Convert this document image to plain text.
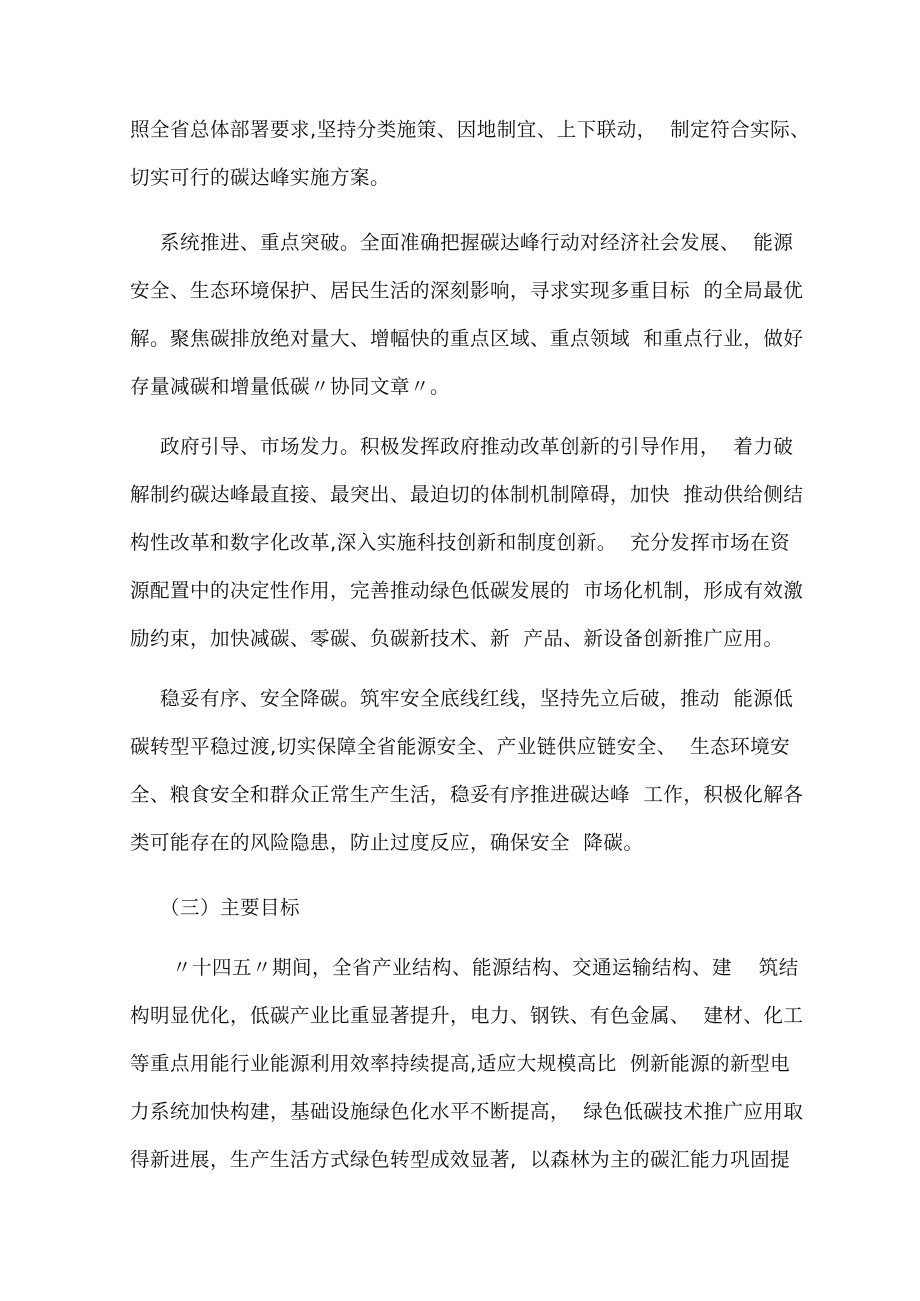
照全省总体部署要求,坚持分类施策、因地制宜、上下联动，  制定符合实际、
切实可行的碳达峰实施方案。
系统推进、重点突破。全面准确把握碳达峰行动对经济社会发展、  能源
安全、生态环境保护、居民生活的深刻影响，寻求实现多重目标  的全局最优
解。聚焦碳排放绝对量大、增幅快的重点区域、重点领域  和重点行业，做好
存量减碳和增量低碳〃协同文章〃。
政府引导、市场发力。积极发挥政府推动改革创新的引导作用，  着力破
解制约碳达峰最直接、最突出、最迫切的体制机制障碍，加快  推动供给侧结
构性改革和数字化改革,深入实施科技创新和制度创新。  充分发挥市场在资
源配置中的决定性作用，完善推动绿色低碳发展的  市场化机制，形成有效激
励约束，加快减碳、零碳、负碳新技术、新  产品、新设备创新推广应用。
稳妥有序、安全降碳。筑牢安全底线红线，坚持先立后破，推动  能源低
碳转型平稳过渡,切实保障全省能源安全、产业链供应链安全、  生态环境安
全、粮食安全和群众正常生产生活，稳妥有序推进碳达峰  工作，积极化解各
类可能存在的风险隐患，防止过度反应，确保安全  降碳。
（三）主要目标
〃十四五〃期间，全省产业结构、能源结构、交通运输结构、建    筑结
构明显优化，低碳产业比重显著提升，电力、钢铁、有色金属、  建材、化工
等重点用能行业能源利用效率持续提高,适应大规模高比  例新能源的新型电
力系统加快构建，基础设施绿色化水平不断提高，  绿色低碳技术推广应用取
得新进展，生产生活方式绿色转型成效显著,  以森林为主的碳汇能力巩固提
